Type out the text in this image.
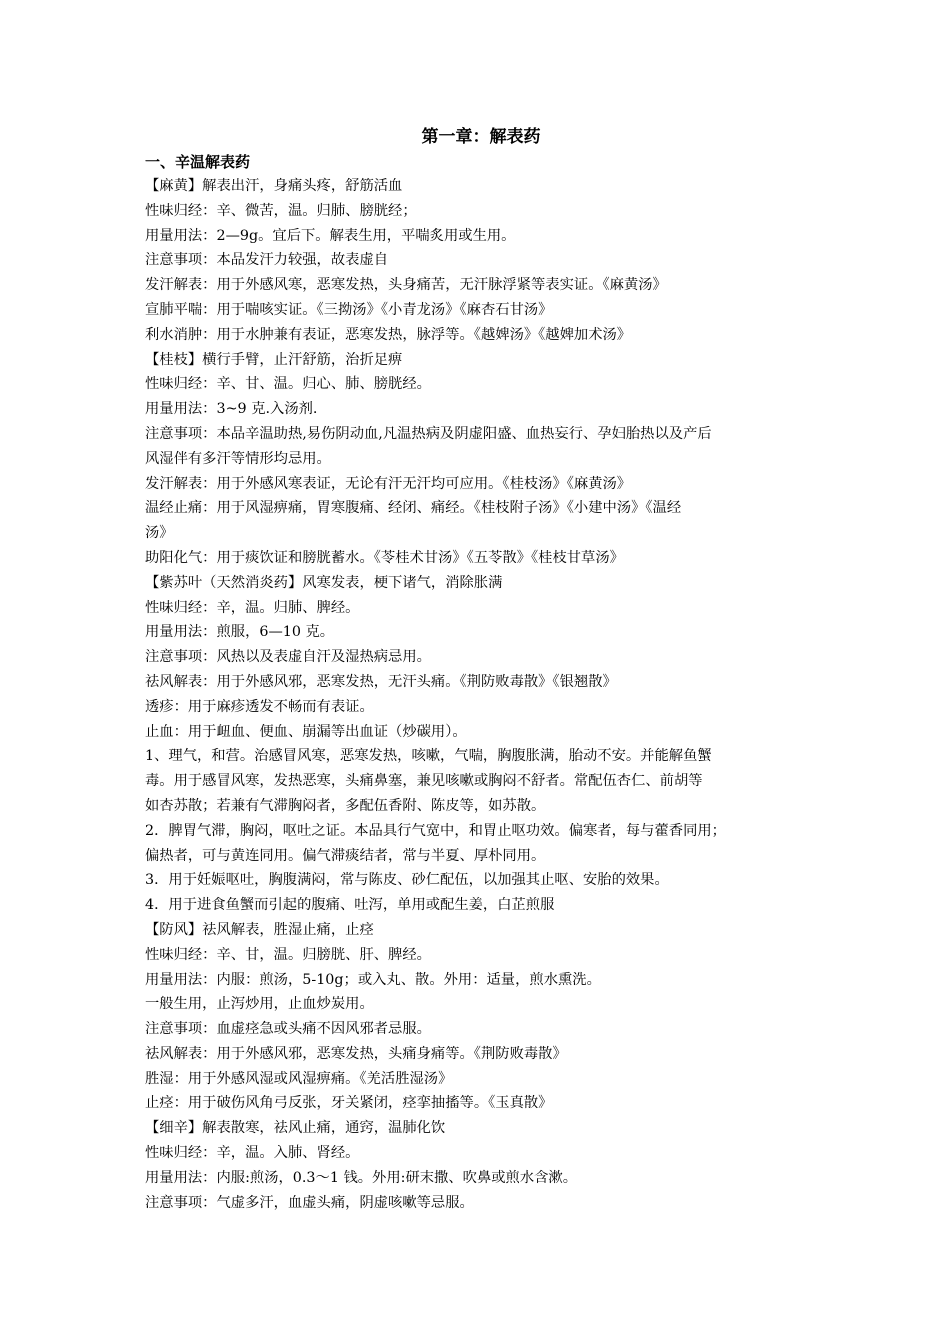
第一章：解表药
一、辛温解表药

【麻黄】解表出汗，身痛头疼，舒筋活血

性味归经：辛、微苦，温。归肺、膀胱经；

用量用法：2—9g。宜后下。解表生用，平喘炙用或生用。

注意事项：本品发汗力较强，故表虚自

发汗解表：用于外感风寒，恶寒发热，头身痛苦，无汗脉浮紧等表实证。《麻黄汤》

宣肺平喘：用于喘咳实证。《三拗汤》《小青龙汤》《麻杏石甘汤》

利水消肿：用于水肿兼有表证，恶寒发热，脉浮等。《越婢汤》《越婢加术汤》

【桂枝】横行手臂，止汗舒筋，治折足痹

性味归经：辛、甘、温。归心、肺、膀胱经。

用量用法：3~9 克.入汤剂.

注意事项：本品辛温助热,易伤阴动血,凡温热病及阴虚阳盛、血热妄行、孕妇胎热以及产后

风湿伴有多汗等情形均忌用。

发汗解表：用于外感风寒表证，无论有汗无汗均可应用。《桂枝汤》《麻黄汤》

温经止痛：用于风湿痹痛，胃寒腹痛、经闭、痛经。《桂枝附子汤》《小建中汤》《温经

汤》

助阳化气：用于痰饮证和膀胱蓄水。《苓桂术甘汤》《五苓散》《桂枝甘草汤》

【紫苏叶（天然消炎药】风寒发表，梗下诸气，消除胀满

性味归经：辛，温。归肺、脾经。

用量用法：煎服，6—10 克。

注意事项：风热以及表虚自汗及湿热病忌用。

祛风解表：用于外感风邪，恶寒发热，无汗头痛。《荆防败毒散》《银翘散》

透疹：用于麻疹透发不畅而有表证。

止血：用于衄血、便血、崩漏等出血证（炒碳用）。

1、理气，和营。治感冒风寒，恶寒发热，咳嗽，气喘，胸腹胀满，胎动不安。并能解鱼蟹

毒。用于感冒风寒，发热恶寒，头痛鼻塞，兼见咳嗽或胸闷不舒者。常配伍杏仁、前胡等

如杏苏散；若兼有气滞胸闷者，多配伍香附、陈皮等，如苏散。

2．脾胃气滞，胸闷，呕吐之证。本品具行气宽中，和胃止呕功效。偏寒者，每与藿香同用；

偏热者，可与黄连同用。偏气滞痰结者，常与半夏、厚朴同用。

3．用于妊娠呕吐，胸腹满闷，常与陈皮、砂仁配伍，以加强其止呕、安胎的效果。

4．用于进食鱼蟹而引起的腹痛、吐泻，单用或配生姜，白芷煎服

【防风】祛风解表，胜湿止痛，止痉

性味归经：辛、甘，温。归膀胱、肝、脾经。

用量用法：内服：煎汤，5-10g；或入丸、散。外用：适量，煎水熏洗。

一般生用，止泻炒用，止血炒炭用。

注意事项：血虚痉急或头痛不因风邪者忌服。

祛风解表：用于外感风邪，恶寒发热，头痛身痛等。《荆防败毒散》

胜湿：用于外感风湿或风湿痹痛。《羌活胜湿汤》

止痉：用于破伤风角弓反张，牙关紧闭，痉挛抽搐等。《玉真散》

【细辛】解表散寒，祛风止痛，通窍，温肺化饮

性味归经：辛，温。入肺、肾经。

用量用法：内服:煎汤，0.3～1 钱。外用:研末撒、吹鼻或煎水含漱。

注意事项：气虚多汗，血虚头痛，阴虚咳嗽等忌服。
